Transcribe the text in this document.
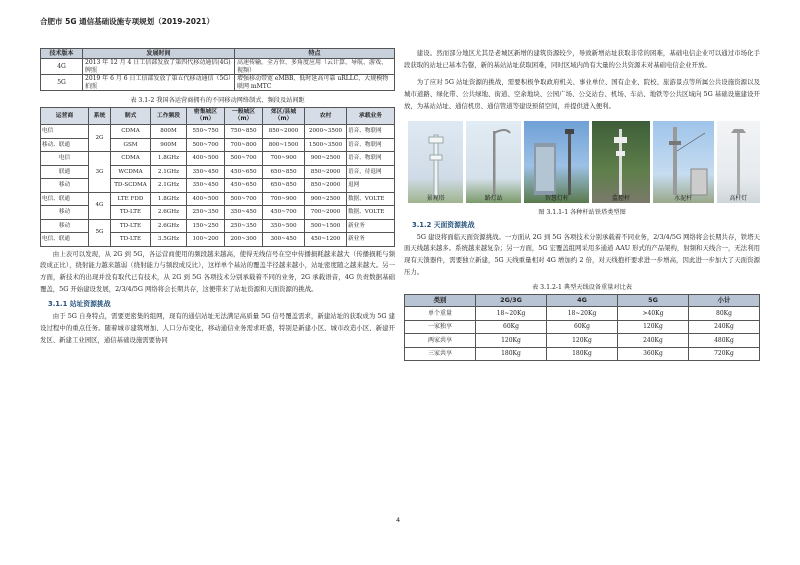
合肥市 5G 通信基础设施专项规划（2019-2021）
技术版本	发展时间	特点
4G	2013 年 12 月 4 日工信部发放了第四代移动通信(4G)牌照	高速传输，全方位、多角度应用（云计算、导航、游戏、视频）
5G	2019 年 6 月 6 日工信部发放了第五代移动通信（5G）拍照	增强移动带宽 eMBB、低时延高可靠 uRLLC、大规模物联网 mMTC
表 3.1-2 我国各运营商拥有的不同移动网络制式、频段及站间距
运营商	系统	制式	工作频段	密集城区（m）	一般城区（m）	郊区/县城（m）	农村	承载业务
电信	2G	CDMA	800M	550~750	750~850	850~2000	2000~3500	语音、物联网
移动、联通		GSM	900M	500~700	700~800	800~1500	1500~3500	语音、物联网
电信	3G	CDMA	1.8GHz	400~500	500~700	700~900	900~2500	语音、物联网
联通		WCDMA	2.1GHz	350~450	450~650	650~850	850~2000	语音，待退网
移动		TD-SCDMA	2.1GHz	350~450	450~650	650~850	850~2000	退网
电信、联通	4G	LTE FDD	1.8GHz	400~500	500~700	700~900	900~2500	数据、VOLTE
移动		TD-LTE	2.6GHz	250~350	350~450	450~700	700~2000	数据、VOLTE
移动	5G	TD-LTE	2.6GHz	150~250	250~350	350~500	500~1500	新业务
电信、联通		TD-LTE	3.5GHz	100~200	200~300	300~450	450~1200	新业务

由上表可以发现，从 2G 到 5G，各运营商使用的频段越来越高，使得无线信号在空中传播损耗越来越大（传播损耗与频段成正比），绕射能力越来越弱（绕射能力与频段成反比），这样单个基站的覆盖半径越来越小，站址密度随之越来越大。另一方面，新技术的出现并没有取代已有技术，从 2G 到 5G 各项技术分别承载着不同的业务，2G 承载语音，4G 负责数据基础覆盖，5G 开始建设发展，2/3/4/5G 网络将会长期共存，这便带来了站址资源和天面资源的挑战。

3.1.1 站址资源挑战

由于 5G 自身特点，需要更密集的组网，现有的通信站址无法满足高质量 5G 信号覆盖需求，新建站址的获取成为 5G 建设过程中的重点任务。随着城市建筑增加、人口分布变化，移动通信业务需求旺盛，特别是新建小区、城市改造小区、新建开发区、新建工业园区，通信基础设施需要协同

建设。然而部分地区尤其是老城区新增的建筑资源较少，导致新增站址获取非常的困难，基础电信企业可以通过市场化手段获取的站址已基本告罄，新的基站站址获取困难，同时区域内尚有大量的公共资源未对基础电信企业开放。

为了应对 5G 站址资源的挑战，需要积极争取政府机关、事业单位、国有企业、院校、旅游景点等所属公共设施资源以及城市道路、绿化带、公共绿地、街道、空余地块、公园广场、公交站台、机场、车站、地铁等公共区域向 5G 基础设施建设开放，为基站站址、通信机房、通信管道等建设预留空间，并提供进入便利。

景观塔	路灯站	智慧灯杆	监控杆	水泥杆	高杆灯
图 3.1.1-1 各种杆站铁塔类型图
3.1.2 天面资源挑战

5G 建设将面临天面资源挑战。一方面从 2G 到 5G 各项技术分别承载着不同业务，2/3/4/5G 网络将会长期共存，铁塔天面天线越来越多。系统越来越复杂；另一方面，5G 宏覆盖组网采用多通道 AAU 形式的产品架构，射频和天线合一，无法利用现有天馈器件，需要独立新建，5G 天线重量相对 4G 增加约 2 倍，对天线抱杆要求进一步增高，因此进一步加大了天面资源压力。

表 3.1.2-1 典型天线设备重量对比表
类别	2G/3G	4G	5G	小计
单个重量	18~20Kg	18~20Kg	>40Kg	80Kg
一家独享	60Kg	60Kg	120Kg	240Kg
两家共享	120Kg	120Kg	240Kg	480Kg
三家共享	180Kg	180Kg	360Kg	720Kg
4
